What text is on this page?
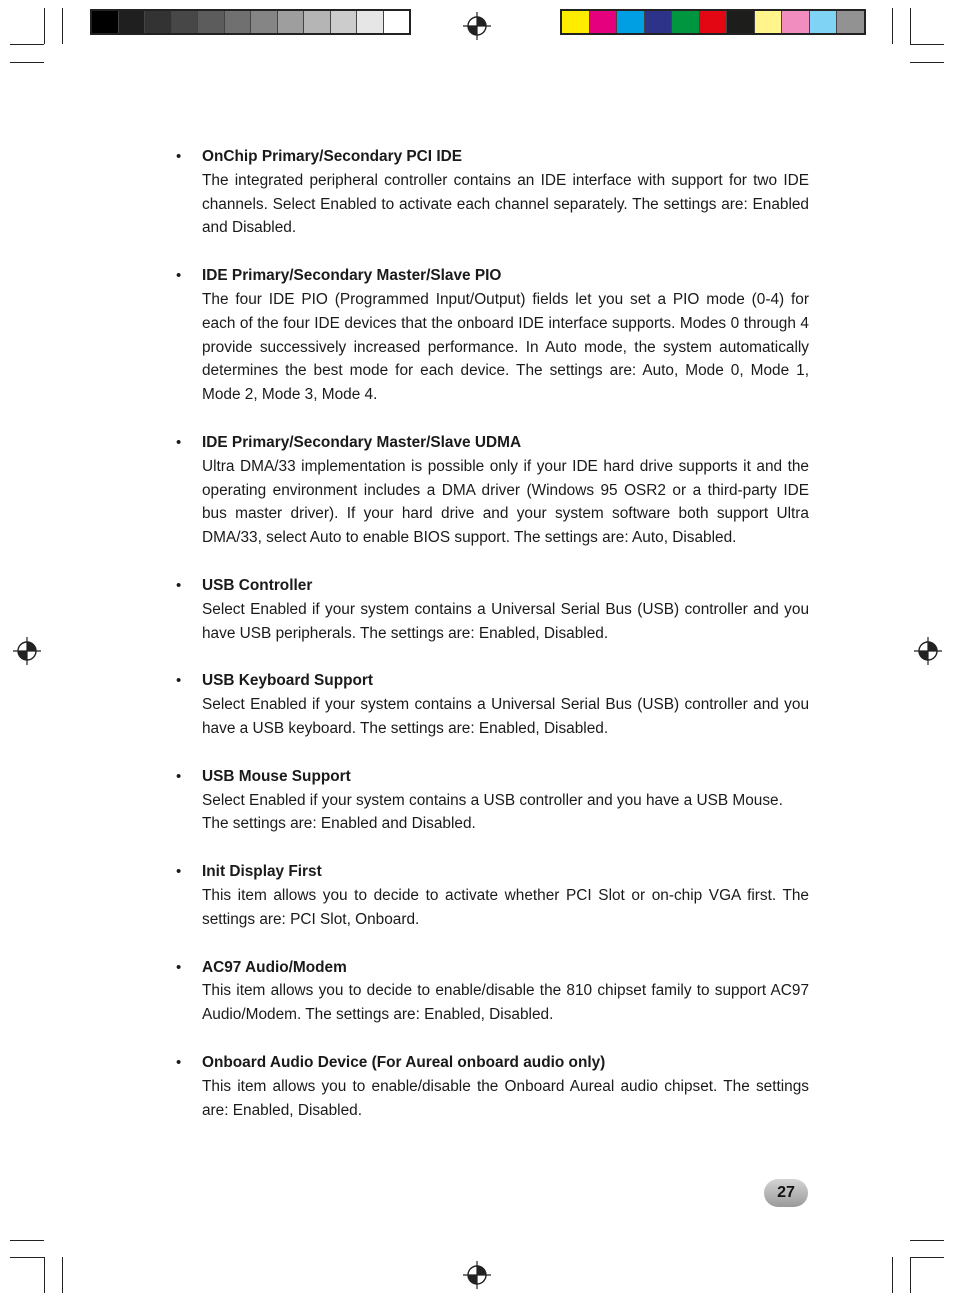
• OnChip Primary/Secondary PCI IDE

The integrated peripheral controller contains an IDE interface with support for two IDE channels. Select Enabled to activate each channel separately. The settings are: Enabled and Disabled.

• IDE Primary/Secondary Master/Slave PIO

The four IDE PIO (Programmed Input/Output) fields let you set a PIO mode (0-4) for each of the four IDE devices that the onboard IDE interface supports. Modes 0 through 4 provide successively increased performance. In Auto mode, the system automatically determines the best mode for each device. The settings are: Auto, Mode 0, Mode 1, Mode 2, Mode 3, Mode 4.

• IDE Primary/Secondary Master/Slave UDMA

Ultra DMA/33 implementation is possible only if your IDE hard drive supports it and the operating environment includes a DMA driver (Windows 95 OSR2 or a third-party IDE bus master driver). If your hard drive and your system software both support Ultra DMA/33, select Auto to enable BIOS support. The settings are: Auto, Disabled.

• USB Controller

Select Enabled if your system contains a Universal Serial Bus (USB) controller and you have USB peripherals. The settings are: Enabled, Disabled.

• USB Keyboard Support

Select Enabled if your system contains a Universal Serial Bus (USB) controller and you have a USB keyboard. The settings are: Enabled, Disabled.

• USB Mouse Support

Select Enabled if your system contains a USB controller and you have a USB Mouse.

The settings are: Enabled and Disabled.

• Init Display First

This item allows you to decide to activate whether PCI Slot or on-chip VGA first. The settings are: PCI Slot, Onboard.

• AC97 Audio/Modem

This item allows you to decide to enable/disable the 810 chipset family to support AC97 Audio/Modem. The settings are: Enabled, Disabled.

• Onboard Audio Device (For Aureal onboard audio only)

This item allows you to enable/disable the Onboard Aureal audio chipset. The settings are: Enabled, Disabled.

27
